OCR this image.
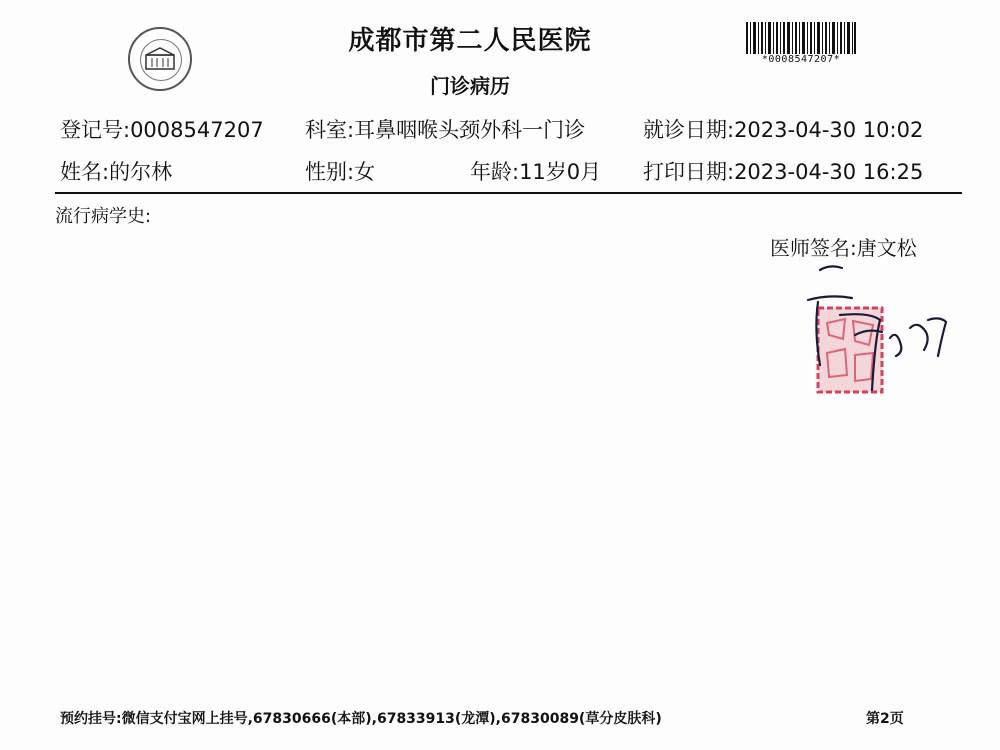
成都市第二人民医院
门诊病历
*0008547207*
登记号:0008547207 科室:耳鼻咽喉头颈外科一门诊	就诊日期:2023-04-30 10:02
姓名:的尔林	性别:女	年龄:11岁0月 打印日期:2023-04-30 16:25
流行病学史:
医师签名:唐文松
预约挂号:微信支付宝网上挂号,67830666(本部),67833913(龙潭),67830089(草分皮肤科)	第2页
